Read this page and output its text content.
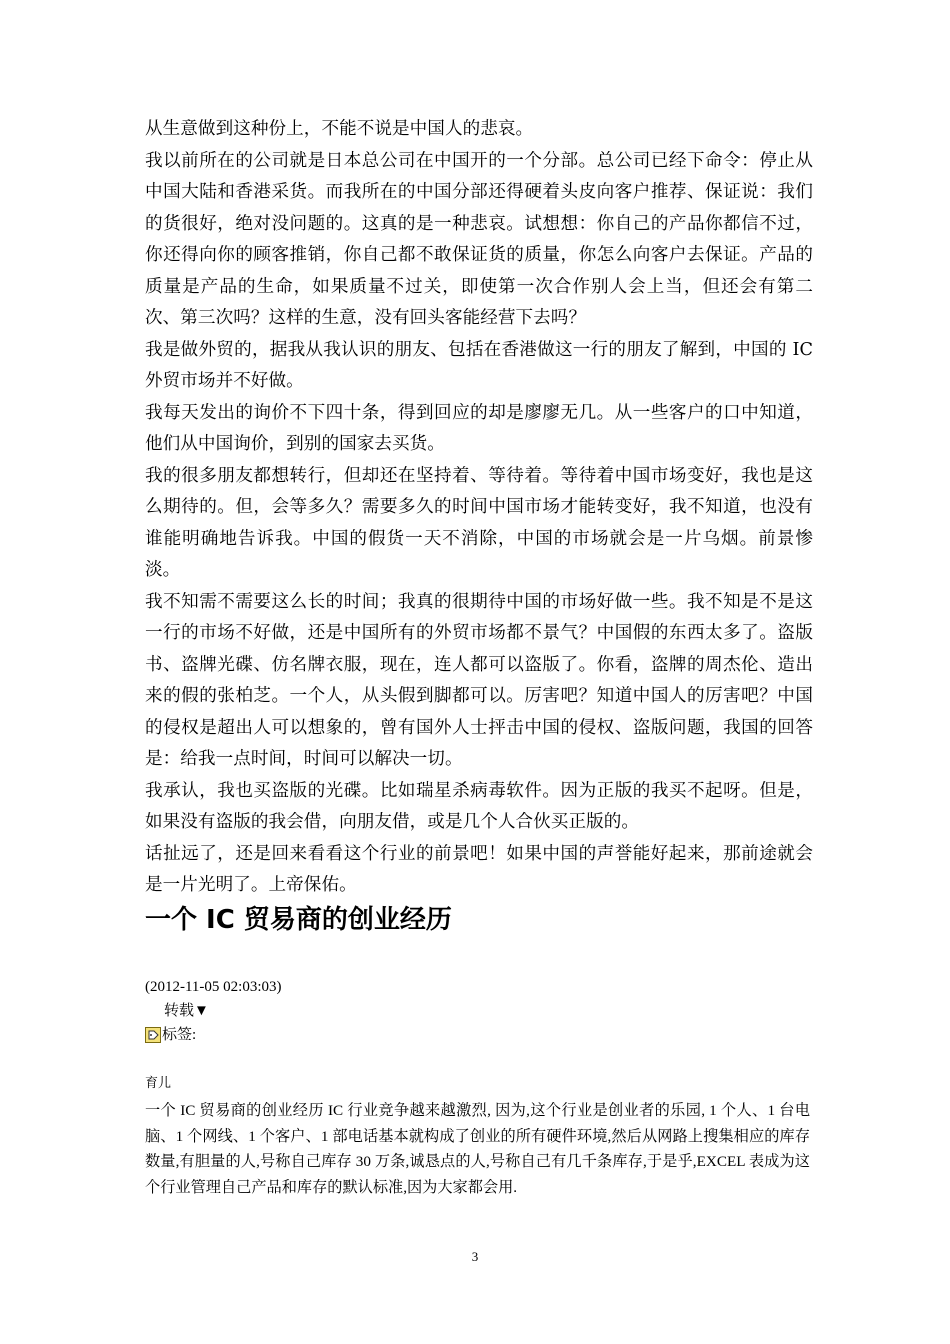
从生意做到这种份上，不能不说是中国人的悲哀。

我以前所在的公司就是日本总公司在中国开的一个分部。总公司已经下命令：停止从中国大陆和香港采货。而我所在的中国分部还得硬着头皮向客户推荐、保证说：我们的货很好，绝对没问题的。这真的是一种悲哀。试想想：你自己的产品你都信不过，你还得向你的顾客推销，你自己都不敢保证货的质量，你怎么向客户去保证。产品的质量是产品的生命，如果质量不过关，即使第一次合作别人会上当，但还会有第二次、第三次吗？这样的生意，没有回头客能经营下去吗？

我是做外贸的，据我从我认识的朋友、包括在香港做这一行的朋友了解到，中国的 IC 外贸市场并不好做。

我每天发出的询价不下四十条，得到回应的却是廖廖无几。从一些客户的口中知道，他们从中国询价，到别的国家去买货。

我的很多朋友都想转行，但却还在坚持着、等待着。等待着中国市场变好，我也是这么期待的。但，会等多久？需要多久的时间中国市场才能转变好，我不知道，也没有谁能明确地告诉我。中国的假货一天不消除，中国的市场就会是一片乌烟。前景惨淡。

我不知需不需要这么长的时间；我真的很期待中国的市场好做一些。我不知是不是这一行的市场不好做，还是中国所有的外贸市场都不景气？中国假的东西太多了。盗版书、盗牌光碟、仿名牌衣服，现在，连人都可以盗版了。你看，盗牌的周杰伦、造出来的假的张柏芝。一个人，从头假到脚都可以。厉害吧？知道中国人的厉害吧？中国的侵权是超出人可以想象的，曾有国外人士抨击中国的侵权、盗版问题，我国的回答是：给我一点时间，时间可以解决一切。

我承认，我也买盗版的光碟。比如瑞星杀病毒软件。因为正版的我买不起呀。但是，如果没有盗版的我会借，向朋友借，或是几个人合伙买正版的。

话扯远了，还是回来看看这个行业的前景吧！如果中国的声誉能好起来，那前途就会是一片光明了。上帝保佑。

一个 IC 贸易商的创业经历
(2012-11-05 02:03:03)
转载▼
标签:
育儿

一个 IC 贸易商的创业经历 IC 行业竞争越来越激烈, 因为,这个行业是创业者的乐园, 1 个人、1 台电脑、1 个网线、1 个客户、1 部电话基本就构成了创业的所有硬件环境,然后从网路上搜集相应的库存数量,有胆量的人,号称自己库存 30 万条,诚恳点的人,号称自己有几千条库存,于是乎,EXCEL 表成为这个行业管理自己产品和库存的默认标准,因为大家都会用.

3
